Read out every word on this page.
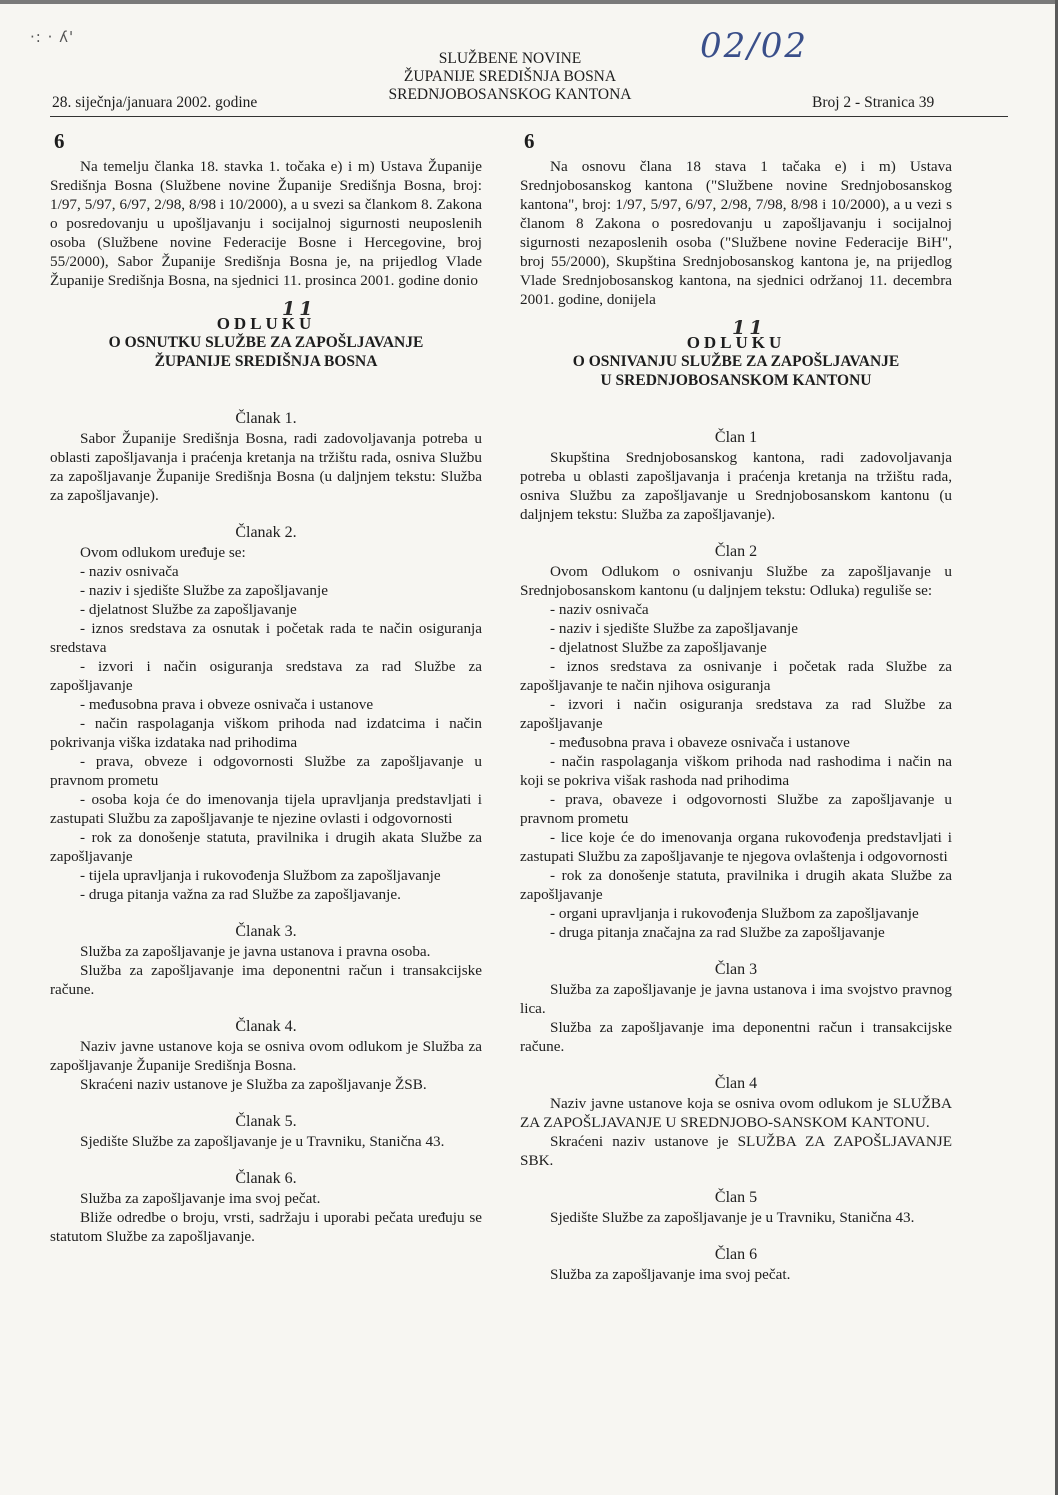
·: · ʎ'	02/02
SLUŽBENE NOVINE
ŽUPANIJE SREDIŠNJA BOSNA
SREDNJOBOSANSKOG KANTONA
28. siječnja/januara 2002. godine	Broj 2 - Stranica 39
6

Na temelju članka 18. stavka 1. točaka e) i m) Ustava Županije Središnja Bosna (Službene novine Županije Središnja Bosna, broj: 1/97, 5/97, 6/97, 2/98, 8/98 i 10/2000), a u svezi sa člankom 8. Zakona o posredovanju u upošljavanju i socijalnoj sigurnosti neuposlenih osoba (Službene novine Federacije Bosne i Hercegovine, broj 55/2000), Sabor Županije Središnja Bosna je, na prijedlog Vlade Županije Središnja Bosna, na sjednici 11. prosinca 2001. godine donio

ODLUKU
11
O OSNUTKU SLUŽBE ZA ZAPOŠLJAVANJE
ŽUPANIJE SREDIŠNJA BOSNA
Članak 1.

Sabor Županije Središnja Bosna, radi zadovoljavanja potreba u oblasti zapošljavanja i praćenja kretanja na tržištu rada, osniva Službu za zapošljavanje Županije Središnja Bosna (u daljnjem tekstu: Služba za zapošljavanje).

Članak 2.

Ovom odlukom uređuje se:

- naziv osnivača

- naziv i sjedište Službe za zapošljavanje

- djelatnost Službe za zapošljavanje

- iznos sredstava za osnutak i početak rada te način osiguranja sredstava

- izvori i način osiguranja sredstava za rad Službe za zapošljavanje

- međusobna prava i obveze osnivača i ustanove

- način raspolaganja viškom prihoda nad izdatcima i način pokrivanja viška izdataka nad prihodima

- prava, obveze i odgovornosti Službe za zapošljavanje u pravnom prometu

- osoba koja će do imenovanja tijela upravljanja predstavljati i zastupati Službu za zapošljavanje te njezine ovlasti i odgovornosti

- rok za donošenje statuta, pravilnika i drugih akata Službe za zapošljavanje

- tijela upravljanja i rukovođenja Službom za zapošljavanje

- druga pitanja važna za rad Službe za zapošljavanje.

Članak 3.

Služba za zapošljavanje je javna ustanova i pravna osoba.

Služba za zapošljavanje ima deponentni račun i transakcijske račune.

Članak 4.

Naziv javne ustanove koja se osniva ovom odlukom je Služba za zapošljavanje Županije Središnja Bosna.

Skraćeni naziv ustanove je Služba za zapošljavanje ŽSB.

Članak 5.

Sjedište Službe za zapošljavanje je u Travniku, Stanična 43.

Članak 6.

Služba za zapošljavanje ima svoj pečat.

Bliže odredbe o broju, vrsti, sadržaju i uporabi pečata uređuju se statutom Službe za zapošljavanje.

6

Na osnovu člana 18 stava 1 tačaka e) i m) Ustava Srednjobosanskog kantona ("Službene novine Srednjobosanskog kantona", broj: 1/97, 5/97, 6/97, 2/98, 7/98, 8/98 i 10/2000), a u vezi s članom 8 Zakona o posredovanju u zapošljavanju i socijalnoj sigurnosti nezaposlenih osoba ("Službene novine Federacije BiH", broj 55/2000), Skupština Srednjobosanskog kantona je, na prijedlog Vlade Srednjobosanskog kantona, na sjednici održanoj 11. decembra 2001. godine, donijela

ODLUKU
11
O OSNIVANJU SLUŽBE ZA ZAPOŠLJAVANJE
U SREDNJOBOSANSKOM KANTONU
Član 1

Skupština Srednjobosanskog kantona, radi zadovoljavanja potreba u oblasti zapošljavanja i praćenja kretanja na tržištu rada, osniva Službu za zapošljavanje u Srednjobosanskom kantonu (u daljnjem tekstu: Služba za zapošljavanje).

Član 2

Ovom Odlukom o osnivanju Službe za zapošljavanje u Srednjobosanskom kantonu (u daljnjem tekstu: Odluka) reguliše se:

- naziv osnivača

- naziv i sjedište Službe za zapošljavanje

- djelatnost Službe za zapošljavanje

- iznos sredstava za osnivanje i početak rada Službe za zapošljavanje te način njihova osiguranja

- izvori i način osiguranja sredstava za rad Službe za zapošljavanje

- međusobna prava i obaveze osnivača i ustanove

- način raspolaganja viškom prihoda nad rashodima i način na koji se pokriva višak rashoda nad prihodima

- prava, obaveze i odgovornosti Službe za zapošljavanje u pravnom prometu

- lice koje će do imenovanja organa rukovođenja predstavljati i zastupati Službu za zapošljavanje te njegova ovlaštenja i odgovornosti

- rok za donošenje statuta, pravilnika i drugih akata Službe za zapošljavanje

- organi upravljanja i rukovođenja Službom za zapošljavanje

- druga pitanja značajna za rad Službe za zapošljavanje

Član 3

Služba za zapošljavanje je javna ustanova i ima svojstvo pravnog lica.

Služba za zapošljavanje ima deponentni račun i transakcijske račune.

Član 4

Naziv javne ustanove koja se osniva ovom odlukom je SLUŽBA ZA ZAPOŠLJAVANJE U SREDNJOBO-SANSKOM KANTONU.

Skraćeni naziv ustanove je SLUŽBA ZA ZAPOŠLJAVANJE SBK.

Član 5

Sjedište Službe za zapošljavanje je u Travniku, Stanična 43.

Član 6

Služba za zapošljavanje ima svoj pečat.
